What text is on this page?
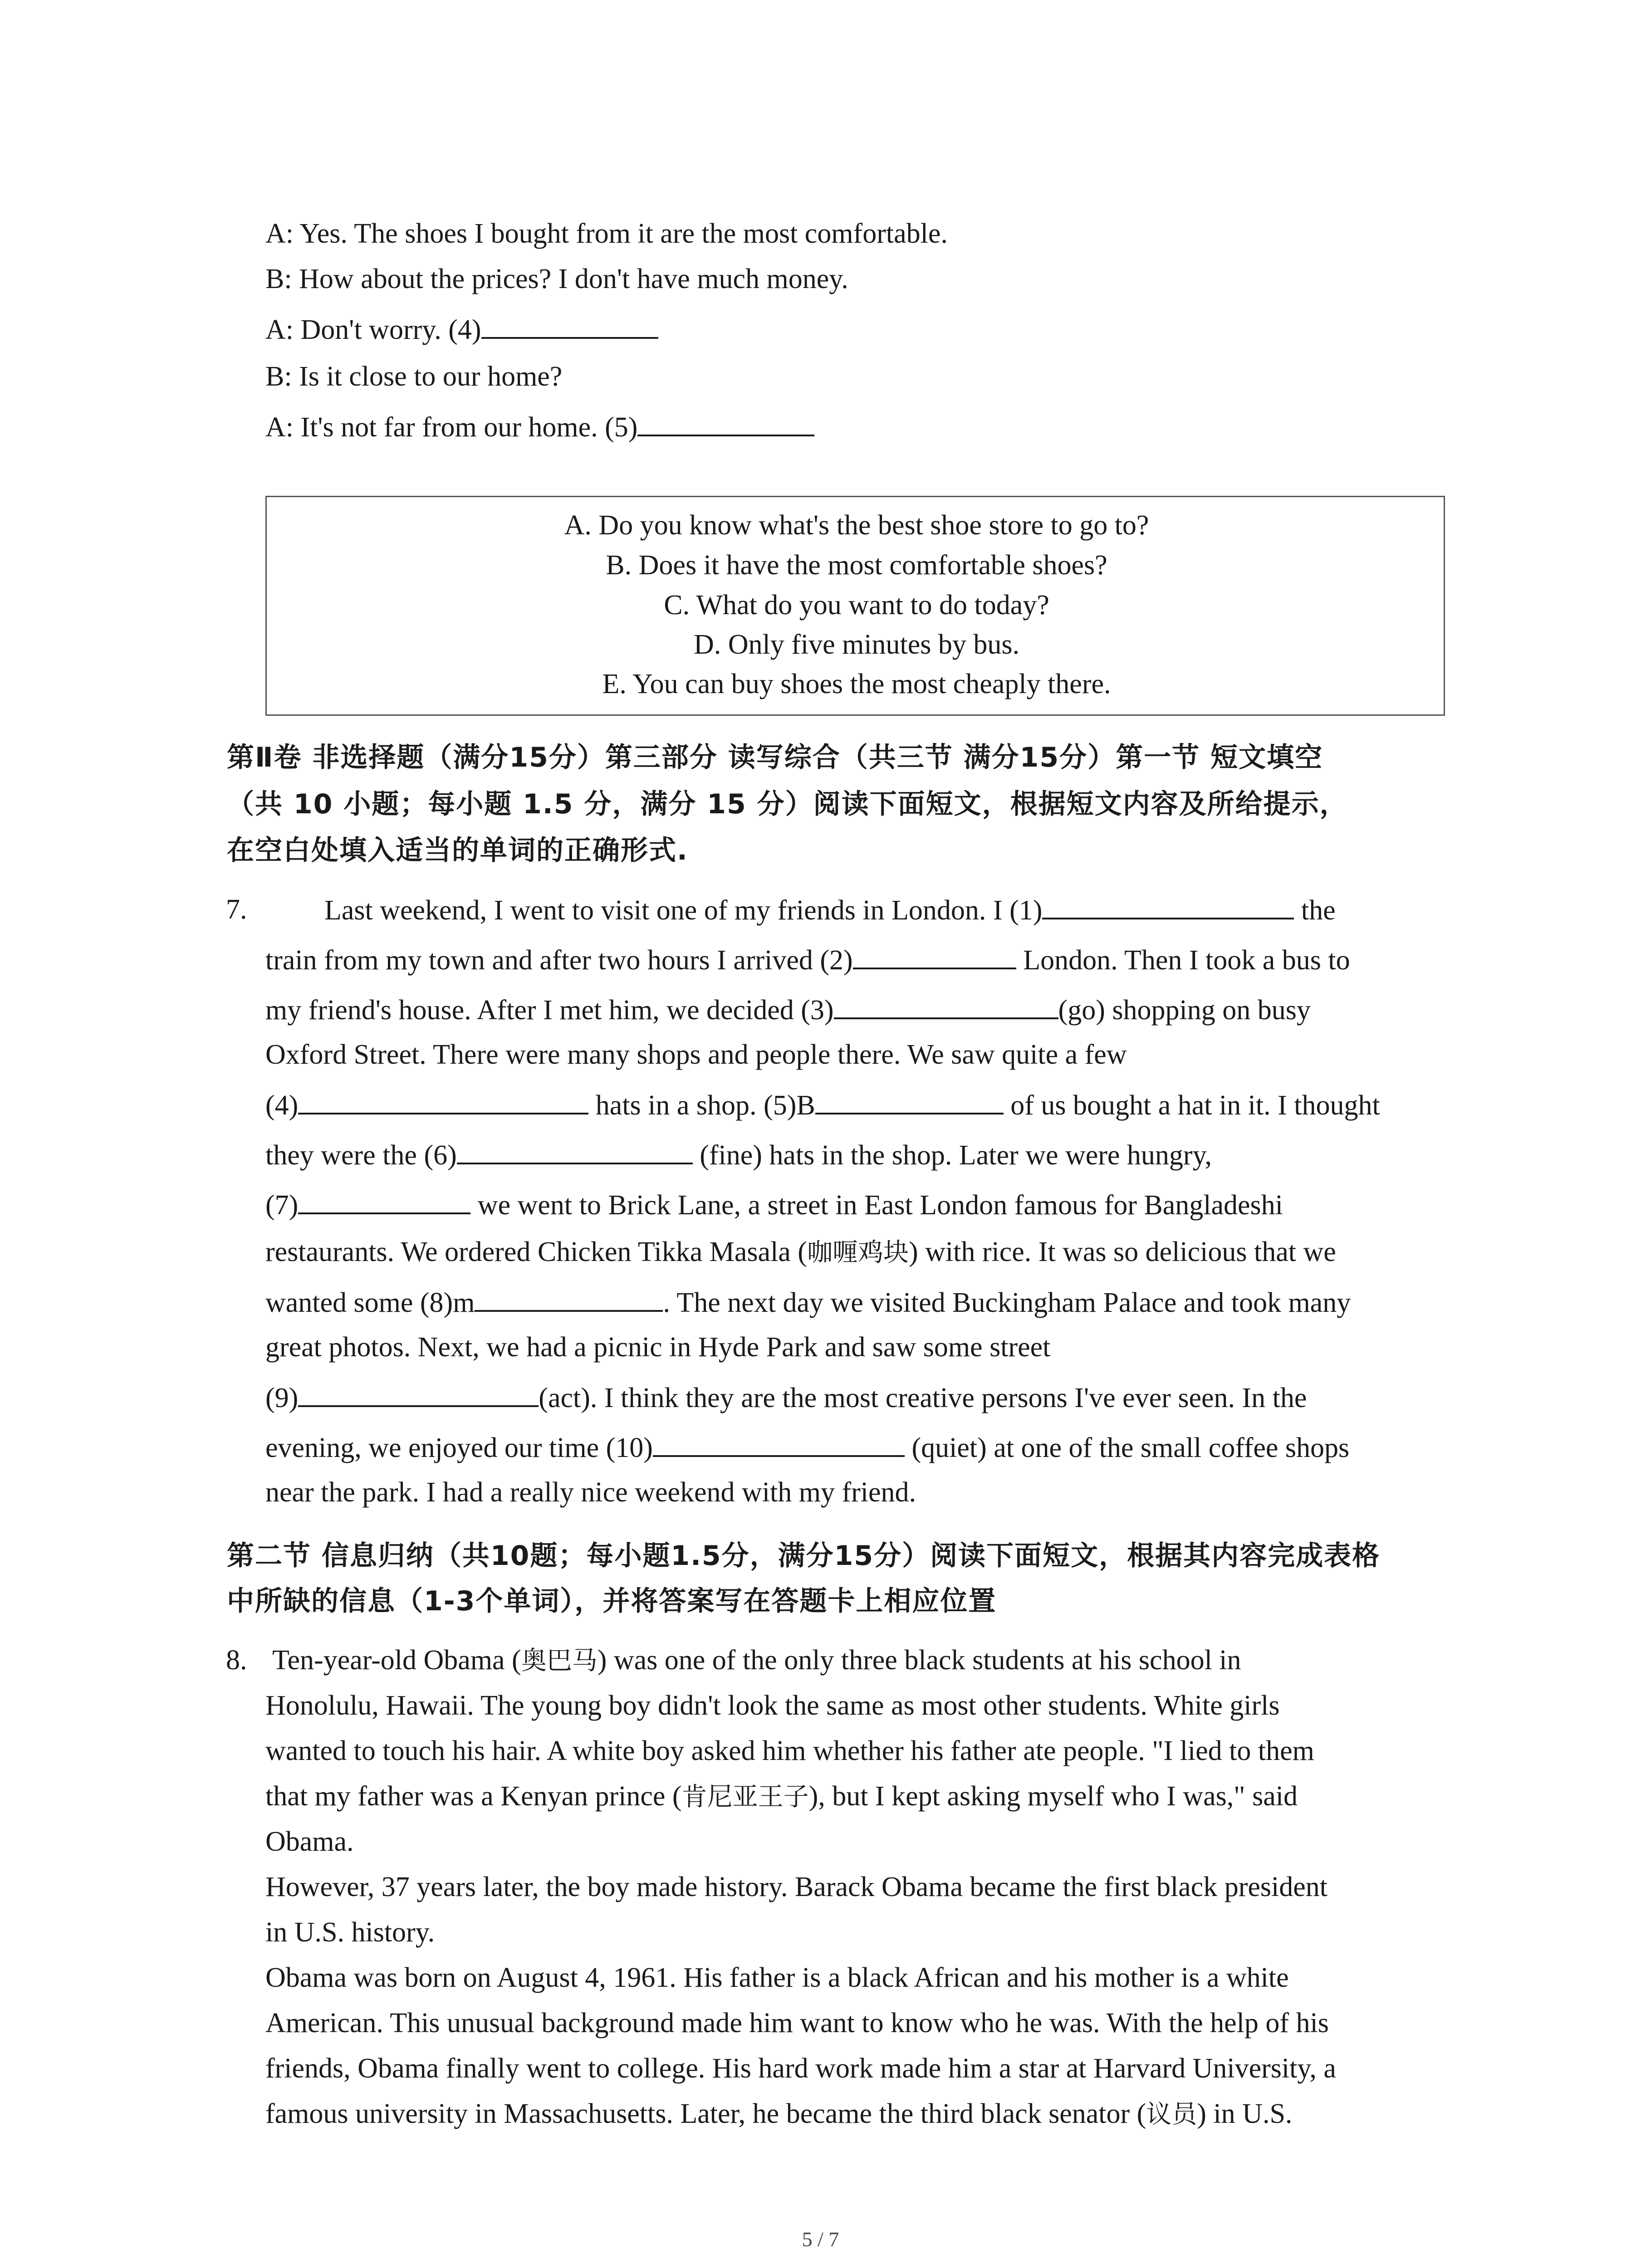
A: Yes. The shoes I bought from it are the most comfortable.
B: How about the prices? I don't have much money.
A: Don't worry. (4)
B: Is it close to our home?
A: It's not far from our home. (5)
A. Do you know what's the best shoe store to go to?
B. Does it have the most comfortable shoes?
C. What do you want to do today?
D. Only five minutes by bus.
E. You can buy shoes the most cheaply there.
第Ⅱ卷 非选择题（满分15分）第三部分 读写综合（共三节 满分15分）第一节 短文填空
（共 10 小题；每小题 1.5 分，满分 15 分）阅读下面短文，根据短文内容及所给提示，
在空白处填入适当的单词的正确形式.
7.	Last weekend, I went to visit one of my friends in London. I (1)	the
train from my town and after two hours I arrived (2)	London. Then I took a bus to
my friend's house. After I met him, we decided (3)	(go) shopping on busy
Oxford Street. There were many shops and people there. We saw quite a few
(4)	hats in a shop. (5)B	of us bought a hat in it. I thought
they were the (6)	(fine) hats in the shop. Later we were hungry,
(7)	we went to Brick Lane, a street in East London famous for Bangladeshi
restaurants. We ordered Chicken Tikka Masala (咖喱鸡块) with rice. It was so delicious that we
wanted some (8)m	. The next day we visited Buckingham Palace and took many
great photos. Next, we had a picnic in Hyde Park and saw some street
(9)	(act). I think they are the most creative persons I've ever seen. In the
evening, we enjoyed our time (10)	(quiet) at one of the small coffee shops
near the park. I had a really nice weekend with my friend.
第二节 信息归纳（共10题；每小题1.5分，满分15分）阅读下面短文，根据其内容完成表格
中所缺的信息（1-3个单词），并将答案写在答题卡上相应位置
8. Ten-year-old Obama (奥巴马) was one of the only three black students at his school in
Honolulu, Hawaii. The young boy didn't look the same as most other students. White girls
wanted to touch his hair. A white boy asked him whether his father ate people. "I lied to them
that my father was a Kenyan prince (肯尼亚王子), but I kept asking myself who I was," said
Obama.
However, 37 years later, the boy made history. Barack Obama became the first black president
in U.S. history.
Obama was born on August 4, 1961. His father is a black African and his mother is a white
American. This unusual background made him want to know who he was. With the help of his
friends, Obama finally went to college. His hard work made him a star at Harvard University, a
famous university in Massachusetts. Later, he became the third black senator (议员) in U.S.
5 / 7
